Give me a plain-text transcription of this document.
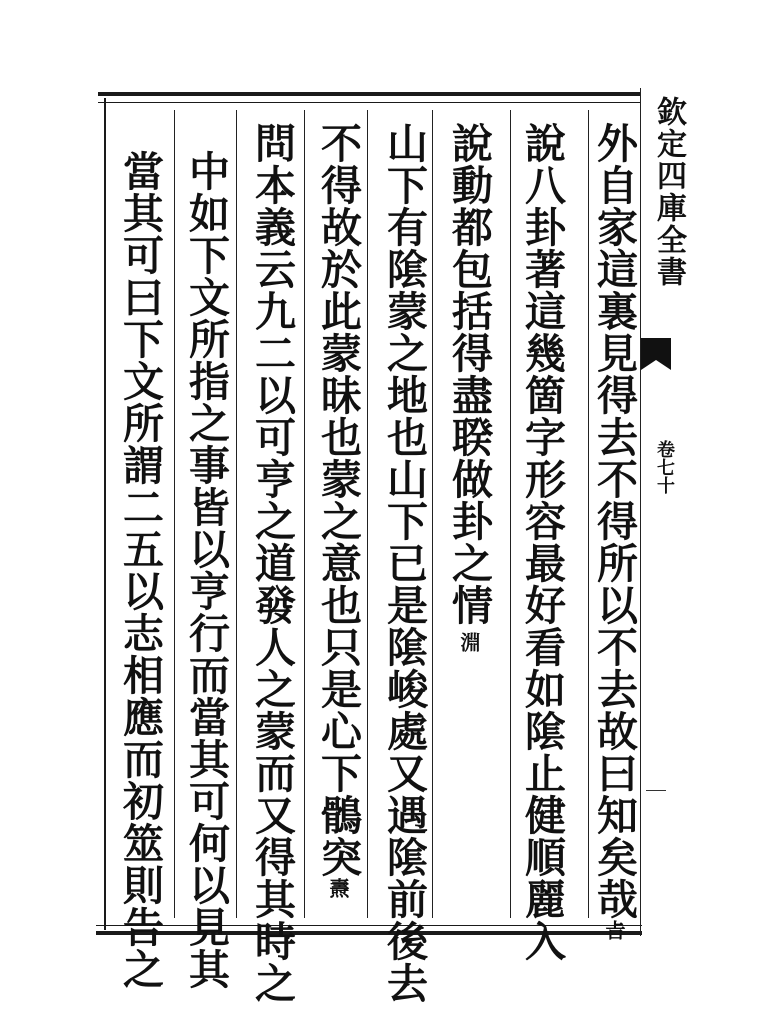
欽定四庫全書
卷七十
外自家這裏見得去不得所以不去故曰知矣哉㫖
說八卦著這幾箇字形容最好看如隂止健順麗入
說動都包括得盡聧做卦之情淵
山下有隂蒙之地也山下已是隂峻處又遇隂前後去
不得故於此蒙昧也蒙之意也只是心下鶻突燾
問本義云九二以可亨之道發人之蒙而又得其時之
中如下文所指之事皆以亨行而當其可何以見其
當其可曰下文所謂二五以志相應而初筮則告之
